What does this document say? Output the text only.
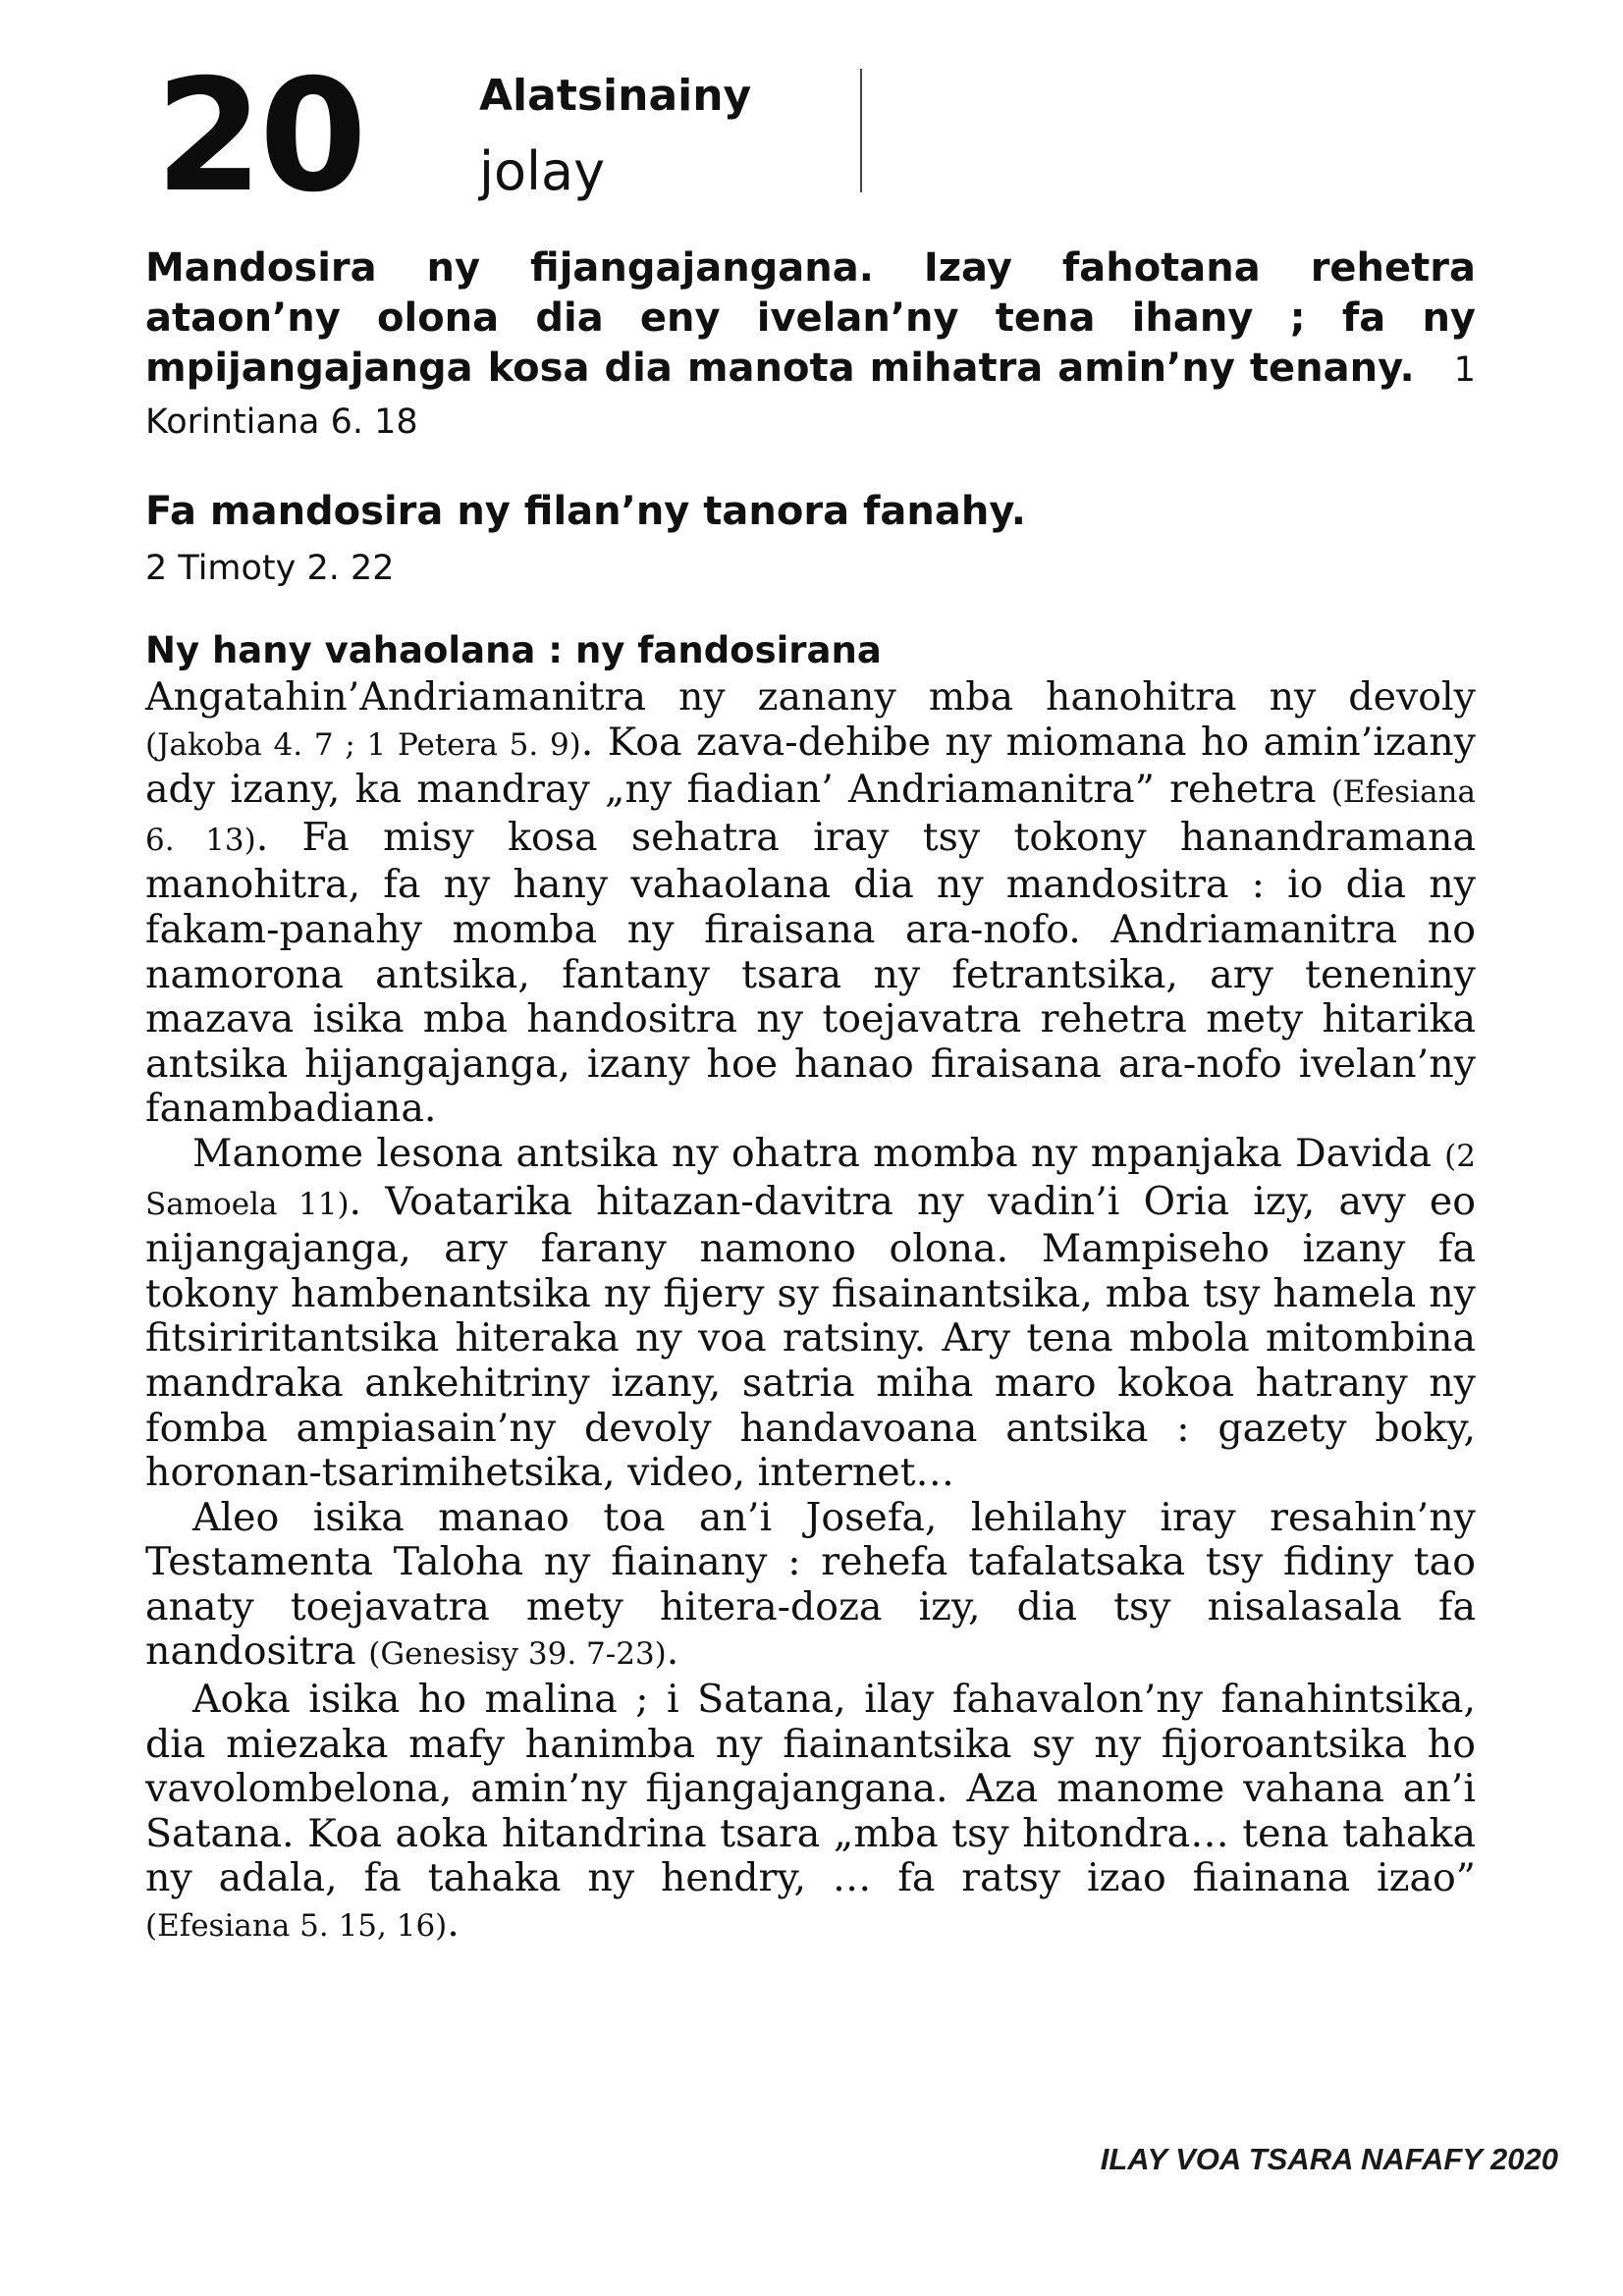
20	Alatsinainy
jolay
Mandosira ny fijangajangana. Izay fahotana rehetra ataon’ny olona dia eny ivelan’ny tena ihany ; fa ny mpijangajanga kosa dia manota mihatra amin’ny tenany. 1 Korintiana 6. 18
Fa mandosira ny filan’ny tanora fanahy.
2 Timoty 2. 22
Ny hany vahaolana : ny fandosirana

Angatahin’Andriamanitra ny zanany mba hanohitra ny devoly (Jakoba 4. 7 ; 1 Petera 5. 9). Koa zava-dehibe ny miomana ho amin’izany ady izany, ka mandray „ny fiadian’ Andriamanitra” rehetra (Efesiana 6. 13). Fa misy kosa sehatra iray tsy tokony hanandramana manohitra, fa ny hany vahaolana dia ny mandositra : io dia ny fakam-panahy momba ny firaisana ara-nofo. Andriamanitra no namorona antsika, fantany tsara ny fetrantsika, ary teneniny mazava isika mba handositra ny toejavatra rehetra mety hitarika antsika hijangajanga, izany hoe hanao firaisana ara-nofo ivelan’ny fanambadiana.

Manome lesona antsika ny ohatra momba ny mpanjaka Davida (2 Samoela 11). Voatarika hitazan-davitra ny vadin’i Oria izy, avy eo nijangajanga, ary farany namono olona. Mampiseho izany fa tokony hambenantsika ny fijery sy fisainantsika, mba tsy hamela ny fitsiriritantsika hiteraka ny voa ratsiny. Ary tena mbola mitombina mandraka ankehitriny izany, satria miha maro kokoa hatrany ny fomba ampiasain’ny devoly handavoana antsika : gazety boky, horonan-tsarimihetsika, video, internet…

Aleo isika manao toa an’i Josefa, lehilahy iray resahin’ny Testamenta Taloha ny fiainany : rehefa tafalatsaka tsy fidiny tao anaty toejavatra mety hitera-doza izy, dia tsy nisalasala fa nandositra (Genesisy 39. 7-23).

Aoka isika ho malina ; i Satana, ilay fahavalon’ny fanahintsika, dia miezaka mafy hanimba ny fiainantsika sy ny fijoroantsika ho vavolombelona, amin’ny fijangajangana. Aza manome vahana an’i Satana. Koa aoka hitandrina tsara „mba tsy hitondra… tena tahaka ny adala, fa tahaka ny hendry, … fa ratsy izao fiainana izao” (Efesiana 5. 15, 16).

ILAY VOA TSARA NAFAFY 2020
